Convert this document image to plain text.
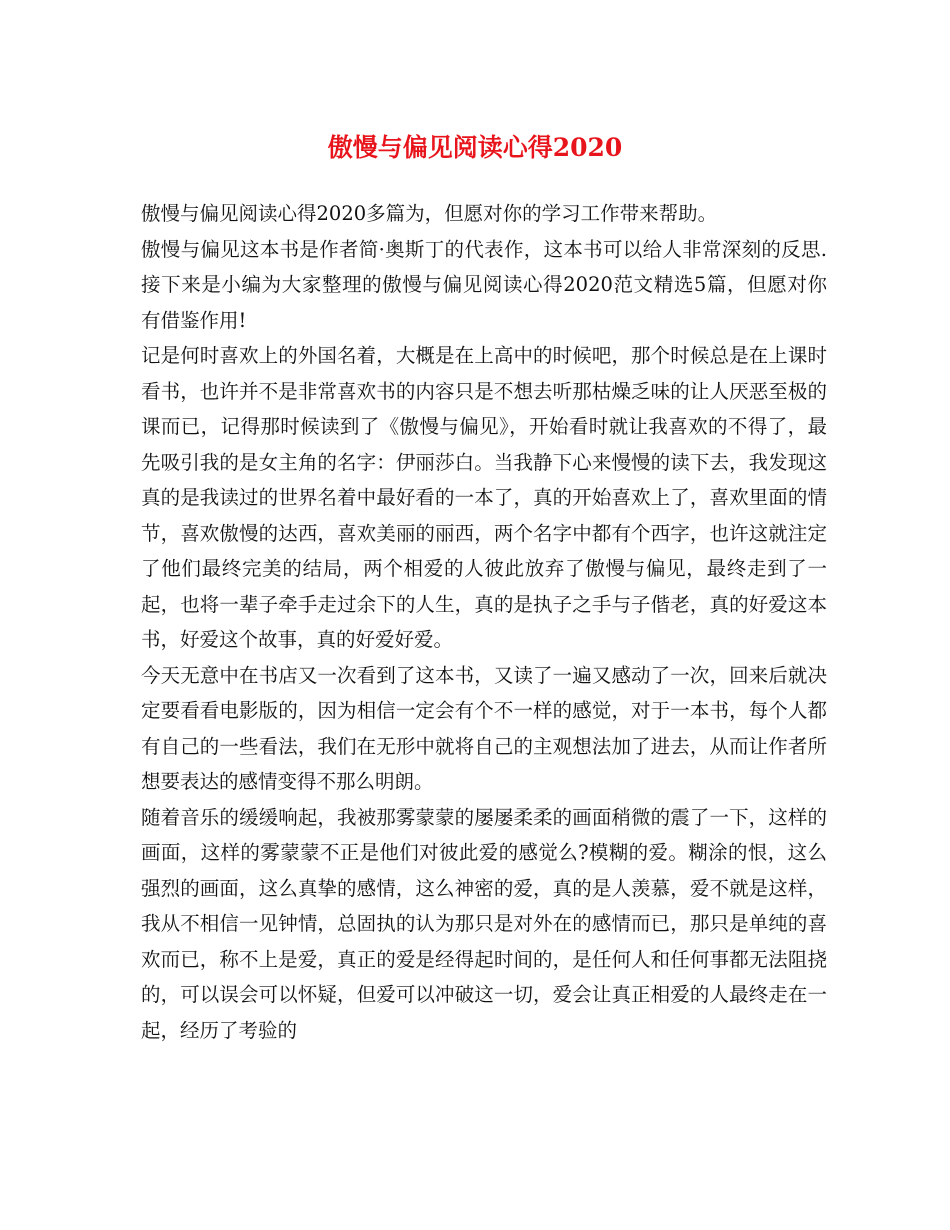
傲慢与偏见阅读心得2020

傲慢与偏见阅读心得2020多篇为，但愿对你的学习工作带来帮助。

傲慢与偏见这本书是作者简·奥斯丁的代表作，这本书可以给人非常深刻的反思.接下来是小编为大家整理的傲慢与偏见阅读心得2020范文精选5篇，但愿对你有借鉴作用!

记是何时喜欢上的外国名着，大概是在上高中的时候吧，那个时候总是在上课时看书，也许并不是非常喜欢书的内容只是不想去听那枯燥乏味的让人厌恶至极的课而已，记得那时候读到了《傲慢与偏见》，开始看时就让我喜欢的不得了，最先吸引我的是女主角的名字：伊丽莎白。当我静下心来慢慢的读下去，我发现这真的是我读过的世界名着中最好看的一本了，真的开始喜欢上了，喜欢里面的情节，喜欢傲慢的达西，喜欢美丽的丽西，两个名字中都有个西字，也许这就注定了他们最终完美的结局，两个相爱的人彼此放弃了傲慢与偏见，最终走到了一起，也将一辈子牵手走过余下的人生，真的是执子之手与子偕老，真的好爱这本书，好爱这个故事，真的好爱好爱。

今天无意中在书店又一次看到了这本书，又读了一遍又感动了一次，回来后就决定要看看电影版的，因为相信一定会有个不一样的感觉，对于一本书，每个人都有自己的一些看法，我们在无形中就将自己的主观想法加了进去，从而让作者所想要表达的感情变得不那么明朗。

随着音乐的缓缓响起，我被那雾蒙蒙的屡屡柔柔的画面稍微的震了一下，这样的画面，这样的雾蒙蒙不正是他们对彼此爱的感觉么?模糊的爱。糊涂的恨，这么强烈的画面，这么真挚的感情，这么神密的爱，真的是人羡慕，爱不就是这样，我从不相信一见钟情，总固执的认为那只是对外在的感情而已，那只是单纯的喜欢而已，称不上是爱，真正的爱是经得起时间的，是任何人和任何事都无法阻挠的，可以误会可以怀疑，但爱可以冲破这一切，爱会让真正相爱的人最终走在一起，经历了考验的
